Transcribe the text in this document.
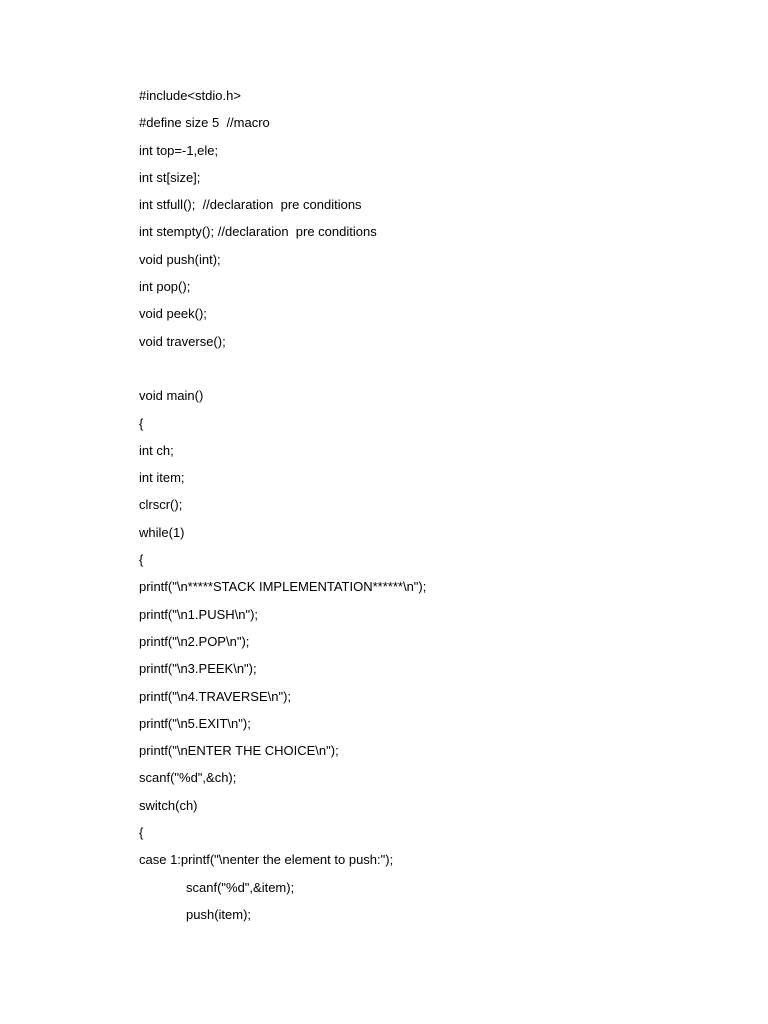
#include<stdio.h>
#define size 5  //macro
int top=-1,ele;
int st[size];
int stfull();  //declaration  pre conditions
int stempty(); //declaration  pre conditions
void push(int);
int pop();
void peek();
void traverse();
void main()
{
int ch;
int item;
clrscr();
while(1)
{
printf("\n*****STACK IMPLEMENTATION******\n");
printf("\n1.PUSH\n");
printf("\n2.POP\n");
printf("\n3.PEEK\n");
printf("\n4.TRAVERSE\n");
printf("\n5.EXIT\n");
printf("\nENTER THE CHOICE\n");
scanf("%d",&ch);
switch(ch)
{
case 1:printf("\nenter the element to push:");
scanf("%d",&item);
push(item);
